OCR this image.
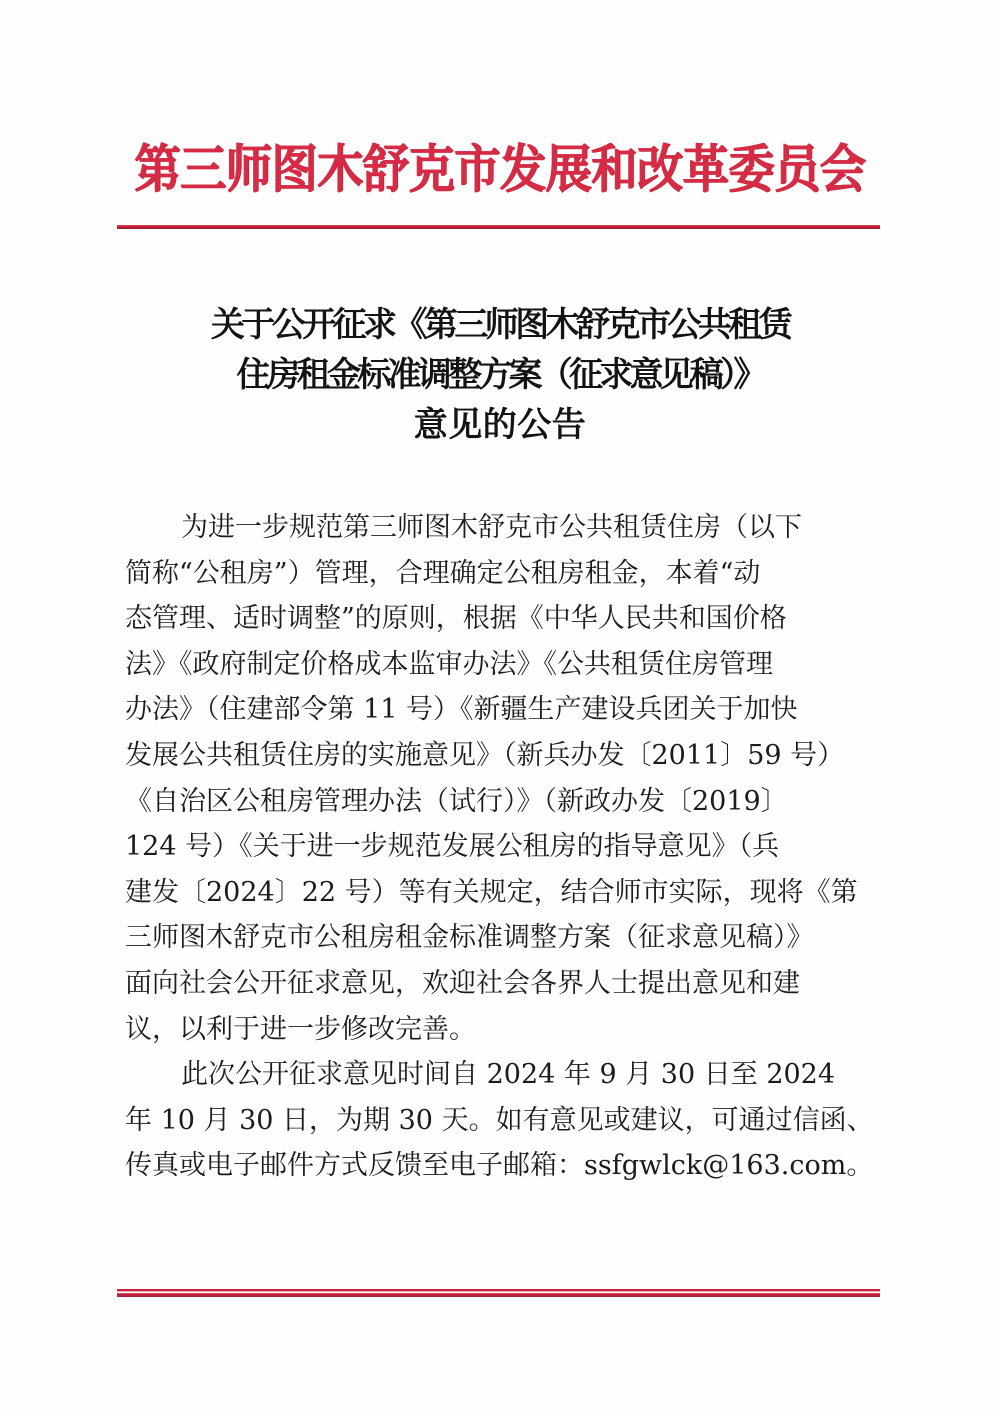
第三师图木舒克市发展和改革委员会
关于公开征求《第三师图木舒克市公共租赁
住房租金标准调整方案（征求意见稿）》
意见的公告

为进一步规范第三师图木舒克市公共租赁住房（以下
简称“公租房”）管理，合理确定公租房租金，本着“动
态管理、适时调整”的原则，根据《中华人民共和国价格
法》《政府制定价格成本监审办法》《公共租赁住房管理
办法》（住建部令第 11 号）《新疆生产建设兵团关于加快
发展公共租赁住房的实施意见》（新兵办发〔2011〕59 号）
《自治区公租房管理办法（试行）》（新政办发〔2019〕
124 号）《关于进一步规范发展公租房的指导意见》（兵
建发〔2024〕22 号）等有关规定，结合师市实际，现将《第
三师图木舒克市公租房租金标准调整方案（征求意见稿）》
面向社会公开征求意见，欢迎社会各界人士提出意见和建
议，以利于进一步修改完善。

此次公开征求意见时间自 2024 年 9 月 30 日至 2024
年 10 月 30 日，为期 30 天。如有意见或建议，可通过信函、
传真或电子邮件方式反馈至电子邮箱：ssfgwlck@163.com。
